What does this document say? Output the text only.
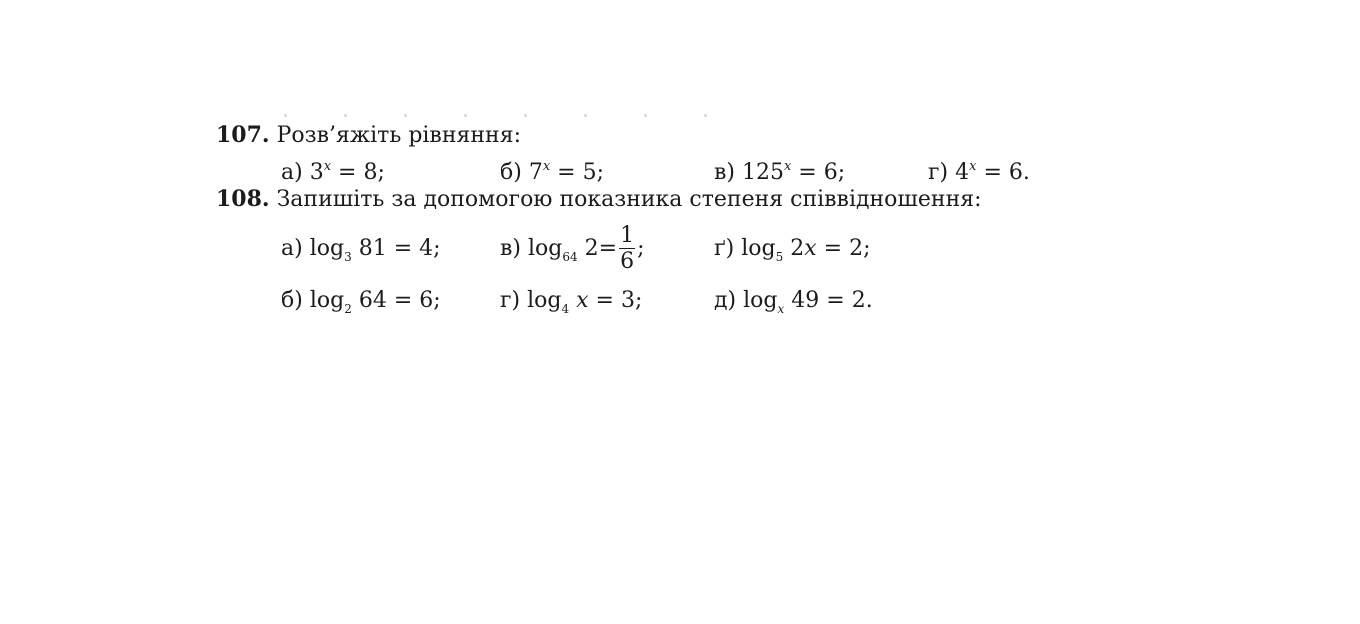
107. Розв’яжіть рівняння:
а) $3^x = 8$;	б) $7^x = 5$;	в) $125^x = 6$;	г) $4^x = 6$.
108. Запишіть за допомогою показника степеня співвідношення:
а) $\log_3 81 = 4$;	в) $\log_{64} 2= \frac{1}{6}$ ;	ґ) $\log_5 2x = 2$;
б) $\log_2 64 = 6$;	г) $\log_4 x = 3$;	д) $\log_x 49 = 2$.
